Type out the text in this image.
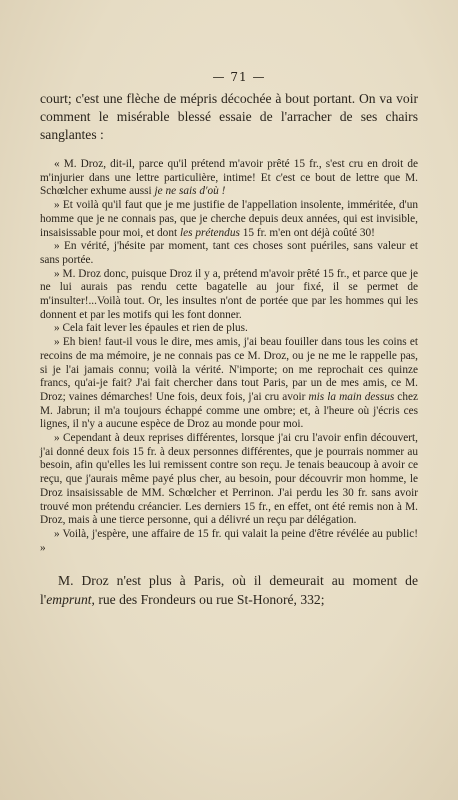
— 71 —

court; c'est une flèche de mépris décochée à bout portant. On va voir comment le misérable blessé essaie de l'arracher de ses chairs sanglantes :

« M. Droz, dit-il, parce qu'il prétend m'avoir prêté 15 fr., s'est cru en droit de m'injurier dans une lettre particulière, intime! Et c'est ce bout de lettre que M. Schœlcher exhume aussi je ne sais d'où !

» Et voilà qu'il faut que je me justifie de l'appellation insolente, imméritée, d'un homme que je ne connais pas, que je cherche depuis deux années, qui est invisible, insaisissable pour moi, et dont les prétendus 15 fr. m'en ont déjà coûté 30!

» En vérité, j'hésite par moment, tant ces choses sont puériles, sans valeur et sans portée.

» M. Droz donc, puisque Droz il y a, prétend m'avoir prêté 15 fr., et parce que je ne lui aurais pas rendu cette bagatelle au jour fixé, il se permet de m'insulter!...Voilà tout. Or, les insultes n'ont de portée que par les hommes qui les donnent et par les motifs qui les font donner.

» Cela fait lever les épaules et rien de plus.

» Eh bien! faut-il vous le dire, mes amis, j'ai beau fouiller dans tous les coins et recoins de ma mémoire, je ne connais pas ce M. Droz, ou je ne me le rappelle pas, si je l'ai jamais connu; voilà la vérité. N'importe; on me reprochait ces quinze francs, qu'ai-je fait? J'ai fait chercher dans tout Paris, par un de mes amis, ce M. Droz; vaines démarches! Une fois, deux fois, j'ai cru avoir mis la main dessus chez M. Jabrun; il m'a toujours échappé comme une ombre; et, à l'heure où j'écris ces lignes, il n'y a aucune espèce de Droz au monde pour moi.

» Cependant à deux reprises différentes, lorsque j'ai cru l'avoir enfin découvert, j'ai donné deux fois 15 fr. à deux personnes différentes, que je pourrais nommer au besoin, afin qu'elles les lui remissent contre son reçu. Je tenais beaucoup à avoir ce reçu, que j'aurais même payé plus cher, au besoin, pour découvrir mon homme, le Droz insaisissable de MM. Schœlcher et Perrinon. J'ai perdu les 30 fr. sans avoir trouvé mon prétendu créancier. Les derniers 15 fr., en effet, ont été remis non à M. Droz, mais à une tierce personne, qui a délivré un reçu par délégation.

» Voilà, j'espère, une affaire de 15 fr. qui valait la peine d'être révélée au public! »

M. Droz n'est plus à Paris, où il demeurait au moment de l'emprunt, rue des Frondeurs ou rue St-Honoré, 332;
